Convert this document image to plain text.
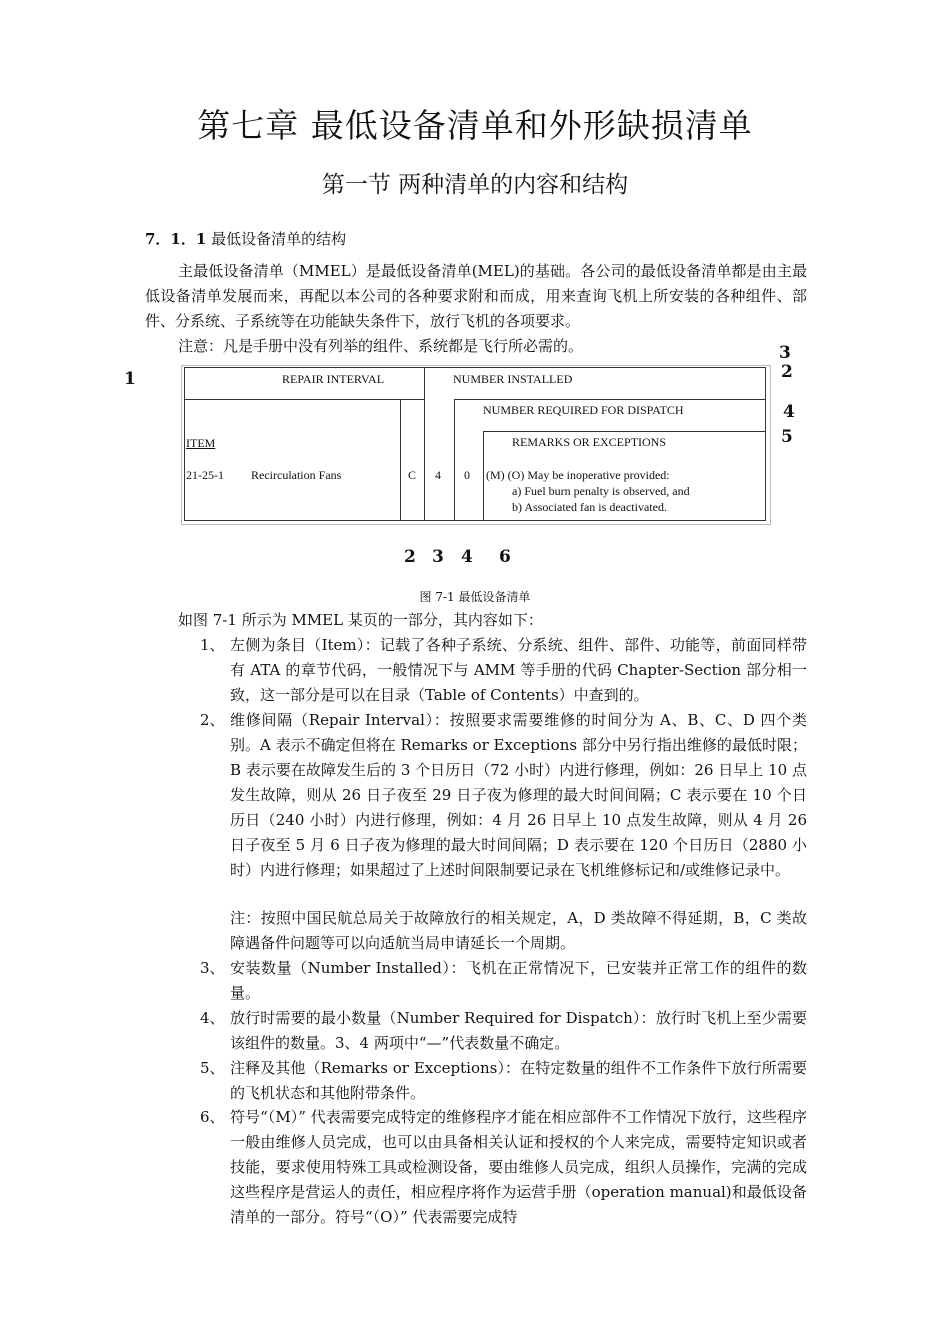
第七章 最低设备清单和外形缺损清单
第一节 两种清单的内容和结构
7．1．1 最低设备清单的结构

主最低设备清单（MMEL）是最低设备清单(MEL)的基础。各公司的最低设备清单都是由主最低设备清单发展而来，再配以本公司的各种要求附和而成，用来查询飞机上所安装的各种组件、部件、分系统、子系统等在功能缺失条件下，放行飞机的各项要求。

注意：凡是手册中没有列举的组件、系统都是飞行所必需的。

1
3
2
4
5
REPAIR INTERVAL	NUMBER INSTALLED
NUMBER REQUIRED FOR DISPATCH
REMARKS OR EXCEPTIONS
ITEM
21-25-1 Recirculation Fans	C 4 0 (M) (O) May be inoperative provided:
a) Fuel burn penalty is observed, and
b) Associated fan is deactivated.
2 3 4 6
图 7-1 最低设备清单

如图 7-1 所示为 MMEL 某页的一部分，其内容如下：

1、 左侧为条目（Item）：记载了各种子系统、分系统、组件、部件、功能等，前面同样带有 ATA 的章节代码，一般情况下与 AMM 等手册的代码 Chapter-Section 部分相一致，这一部分是可以在目录（Table of Contents）中查到的。
2、 维修间隔（Repair Interval）：按照要求需要维修的时间分为 A、B、C、D 四个类别。A 表示不确定但将在 Remarks or Exceptions 部分中另行指出维修的最低时限；B 表示要在故障发生后的 3 个日历日（72 小时）内进行修理，例如：26 日早上 10 点发生故障，则从 26 日子夜至 29 日子夜为修理的最大时间间隔；C 表示要在 10 个日历日（240 小时）内进行修理，例如：4 月 26 日早上 10 点发生故障，则从 4 月 26 日子夜至 5 月 6 日子夜为修理的最大时间间隔；D 表示要在 120 个日历日（2880 小时）内进行修理；如果超过了上述时间限制要记录在飞机维修标记和/或维修记录中。
注：按照中国民航总局关于故障放行的相关规定，A，D 类故障不得延期，B，C 类故障遇备件问题等可以向适航当局申请延长一个周期。
3、 安装数量（Number Installed）：飞机在正常情况下，已安装并正常工作的组件的数量。
4、 放行时需要的最小数量（Number Required for Dispatch）：放行时飞机上至少需要该组件的数量。3、4 两项中“—”代表数量不确定。
5、 注释及其他（Remarks or Exceptions）：在特定数量的组件不工作条件下放行所需要的飞机状态和其他附带条件。
6、 符号“（M）” 代表需要完成特定的维修程序才能在相应部件不工作情况下放行，这些程序一般由维修人员完成，也可以由具备相关认证和授权的个人来完成，需要特定知识或者技能，要求使用特殊工具或检测设备，要由维修人员完成，组织人员操作，完满的完成这些程序是营运人的责任，相应程序将作为运营手册（operation manual)和最低设备清单的一部分。符号“（O）” 代表需要完成特
